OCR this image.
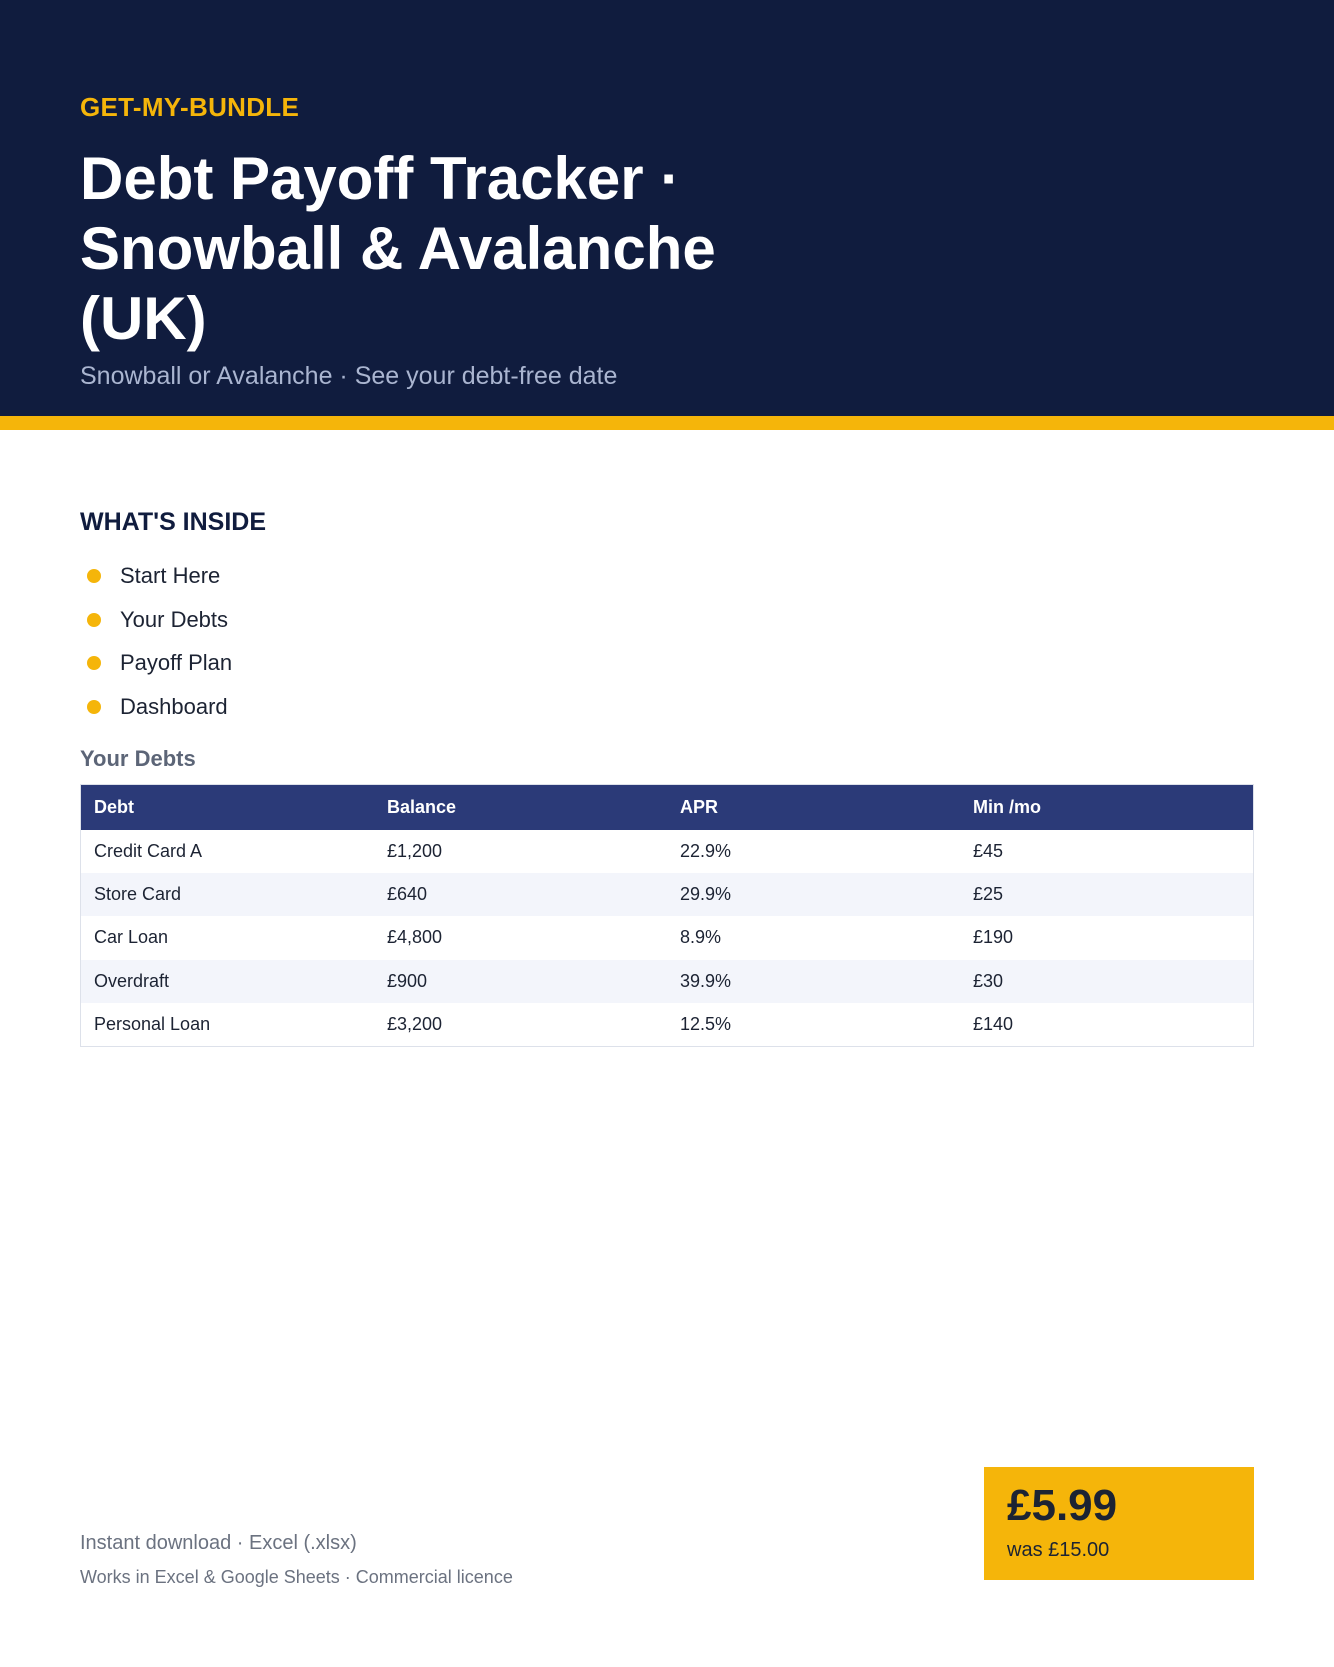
GET-MY-BUNDLE
Debt Payoff Tracker ·
Snowball & Avalanche
(UK)
Snowball or Avalanche · See your debt-free date
WHAT'S INSIDE
Start Here
Your Debts
Payoff Plan
Dashboard
Your Debts
Debt	Balance	APR	Min /mo
Credit Card A	£1,200	22.9%	£45
Store Card	£640	29.9%	£25
Car Loan	£4,800	8.9%	£190
Overdraft	£900	39.9%	£30
Personal Loan	£3,200	12.5%	£140
Instant download · Excel (.xlsx)
Works in Excel & Google Sheets · Commercial licence
£5.99
was £15.00
